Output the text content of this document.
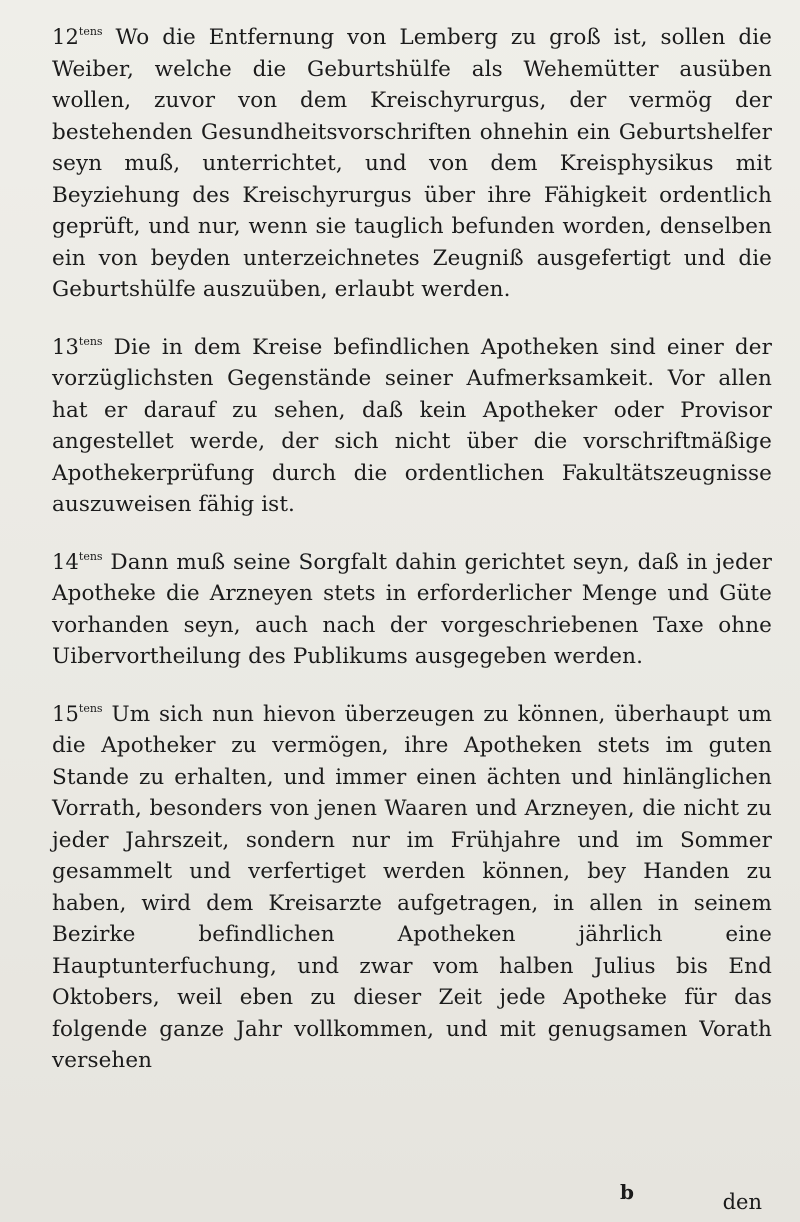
$12^{tens}$ Wo die Entfernung von Lemberg zu groß ist, sollen die Weiber, welche die Geburtshülfe als Wehemütter ausüben wollen, zuvor von dem Kreischyrurgus, der vermög der bestehenden Gesundheitsvorschriften ohnehin ein Geburtshelfer seyn muß, unterrichtet, und von dem Kreisphysikus mit Beyziehung des Kreischyrurgus über ihre Fähigkeit ordentlich geprüft, und nur, wenn sie tauglich befunden worden, denselben ein von beyden unterzeichnetes Zeugniß ausgefertigt und die Geburtshülfe auszuüben, erlaubt werden.

$13^{tens}$ Die in dem Kreise befindlichen Apotheken sind einer der vorzüglichsten Gegenstände seiner Aufmerksamkeit. Vor allen hat er darauf zu sehen, daß kein Apotheker oder Provisor angestellet werde, der sich nicht über die vorschriftmäßige Apothekerprüfung durch die ordentlichen Fakultätszeugnisse auszuweisen fähig ist.

$14^{tens}$ Dann muß seine Sorgfalt dahin gerichtet seyn, daß in jeder Apotheke die Arzneyen stets in erforderlicher Menge und Güte vorhanden seyn, auch nach der vorgeschriebenen Taxe ohne Uibervortheilung des Publikums ausgegeben werden.

$15^{tens}$ Um sich nun hievon überzeugen zu können, überhaupt um die Apotheker zu vermögen, ihre Apotheken stets im guten Stande zu erhalten, und immer einen ächten und hinlänglichen Vorrath, besonders von jenen Waaren und Arzneyen, die nicht zu jeder Jahrszeit, sondern nur im Frühjahre und im Sommer gesammelt und verfertiget werden können, bey Handen zu haben, wird dem Kreisarzte aufgetragen, in allen in seinem Bezirke befindlichen Apotheken jährlich eine Hauptunterfuchung, und zwar vom halben Julius bis End Oktobers, weil eben zu dieser Zeit jede Apotheke für das folgende ganze Jahr vollkommen, und mit genugsamen Vorath versehen

b	den
